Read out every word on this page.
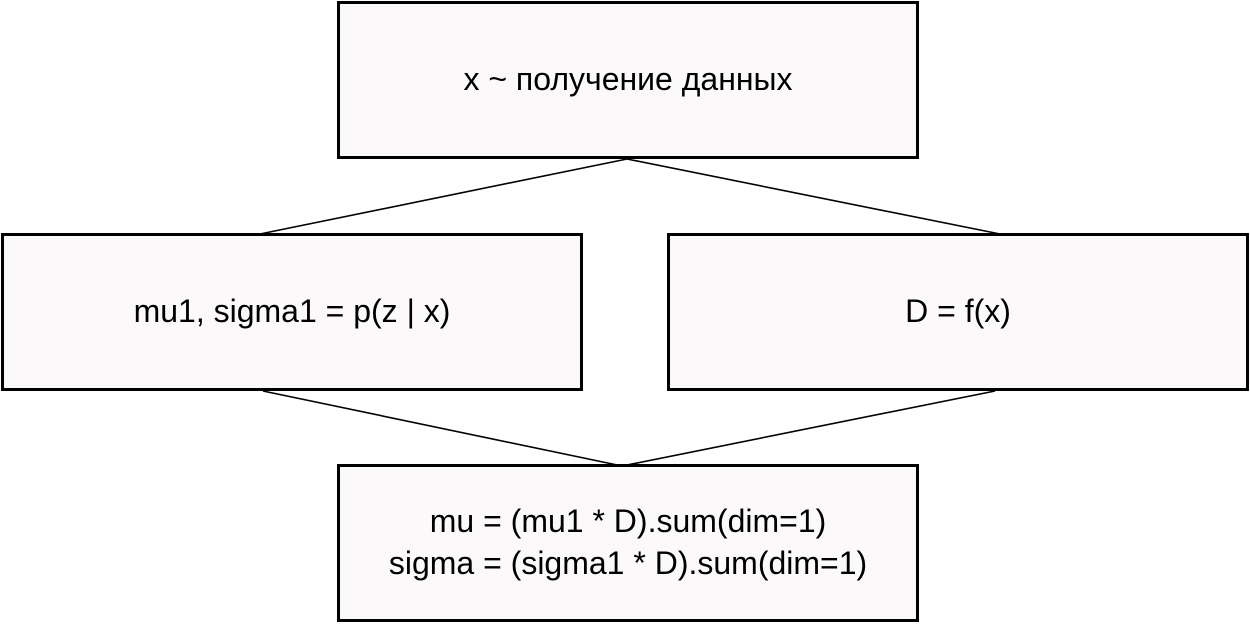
x ~ получение данных
mu1, sigma1 = p(z | x)	D = f(x)
mu = (mu1 * D).sum(dim=1)
sigma = (sigma1 * D).sum(dim=1)
